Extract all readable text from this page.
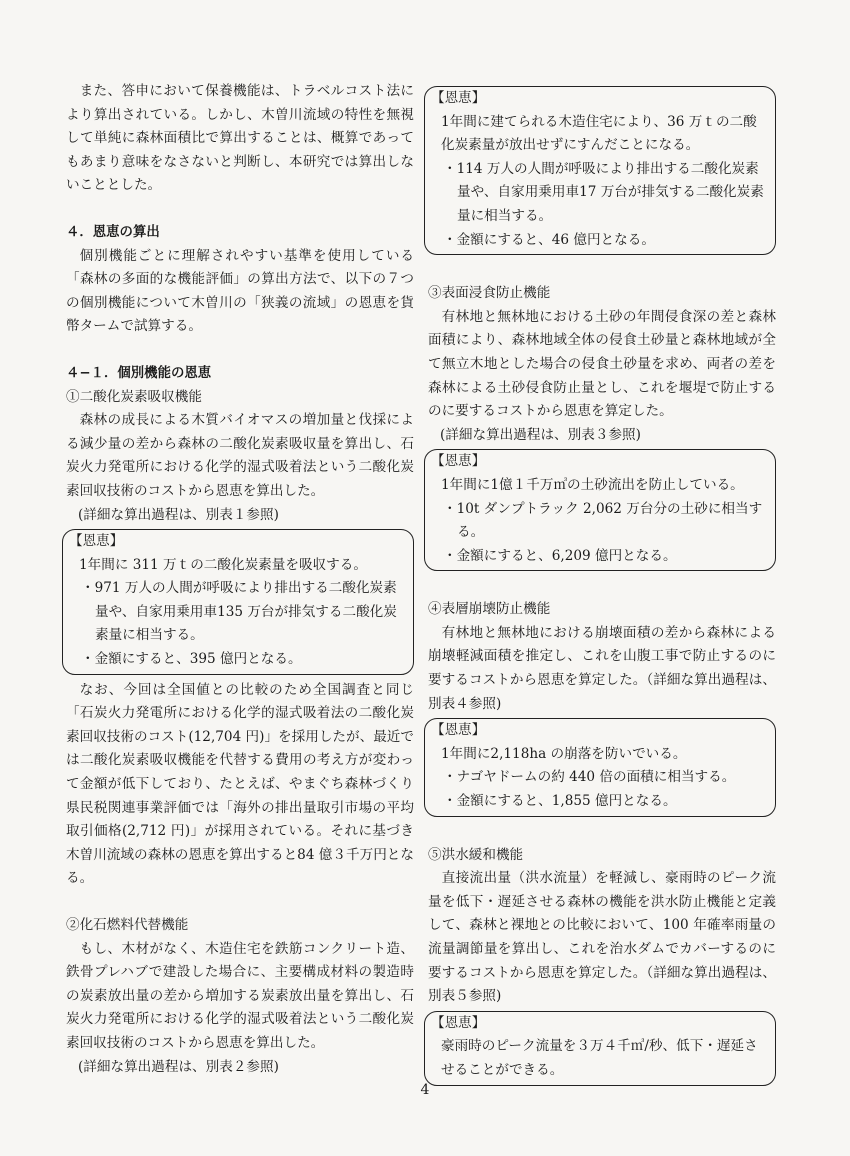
また、答申において保養機能は、トラベルコスト法により算出されている。しかし、木曽川流域の特性を無視して単純に森林面積比で算出することは、概算であってもあまり意味をなさないと判断し、本研究では算出しないこととした。

４．恩恵の算出

個別機能ごとに理解されやすい基準を使用している「森林の多面的な機能評価」の算出方法で、以下の７つの個別機能について木曽川の「狭義の流域」の恩恵を貨幣タームで試算する。

４−１．個別機能の恩恵

①二酸化炭素吸収機能

森林の成長による木質バイオマスの増加量と伐採による減少量の差から森林の二酸化炭素吸収量を算出し、石炭火力発電所における化学的湿式吸着法という二酸化炭素回収技術のコストから恩恵を算出した。

(詳細な算出過程は、別表１参照)

【恩恵】

1年間に 311 万ｔの二酸化炭素量を吸収する。

・971 万人の人間が呼吸により排出する二酸化炭素量や、自家用乗用車135 万台が排気する二酸化炭素量に相当する。

・金額にすると、395 億円となる。

なお、今回は全国値との比較のため全国調査と同じ「石炭火力発電所における化学的湿式吸着法の二酸化炭素回収技術のコスト(12,704 円)」を採用したが、最近では二酸化炭素吸収機能を代替する費用の考え方が変わって金額が低下しており、たとえば、やまぐち森林づくり県民税関連事業評価では「海外の排出量取引市場の平均取引価格(2,712 円)」が採用されている。それに基づき木曽川流域の森林の恩恵を算出すると84 億３千万円となる。

②化石燃料代替機能

もし、木材がなく、木造住宅を鉄筋コンクリート造、鉄骨プレハブで建設した場合に、主要構成材料の製造時の炭素放出量の差から増加する炭素放出量を算出し、石炭火力発電所における化学的湿式吸着法という二酸化炭素回収技術のコストから恩恵を算出した。

(詳細な算出過程は、別表２参照)

【恩恵】

1年間に建てられる木造住宅により、36 万ｔの二酸化炭素量が放出せずにすんだことになる。

・114 万人の人間が呼吸により排出する二酸化炭素量や、自家用乗用車17 万台が排気する二酸化炭素量に相当する。

・金額にすると、46 億円となる。

③表面浸食防止機能

有林地と無林地における土砂の年間侵食深の差と森林面積により、森林地域全体の侵食土砂量と森林地域が全て無立木地とした場合の侵食土砂量を求め、両者の差を森林による土砂侵食防止量とし、これを堰堤で防止するのに要するコストから恩恵を算定した。

(詳細な算出過程は、別表３参照)

【恩恵】

1年間に1億１千万㎥の土砂流出を防止している。

・10t ダンプトラック 2,062 万台分の土砂に相当する。

・金額にすると、6,209 億円となる。

④表層崩壊防止機能

有林地と無林地における崩壊面積の差から森林による崩壊軽減面積を推定し、これを山腹工事で防止するのに要するコストから恩恵を算定した。（詳細な算出過程は、別表４参照)

【恩恵】

1年間に2,118ha の崩落を防いでいる。

・ナゴヤドームの約 440 倍の面積に相当する。

・金額にすると、1,855 億円となる。

⑤洪水緩和機能

直接流出量（洪水流量）を軽減し、豪雨時のピーク流量を低下・遅延させる森林の機能を洪水防止機能と定義して、森林と裸地との比較において、100 年確率雨量の流量調節量を算出し、これを治水ダムでカバーするのに要するコストから恩恵を算定した。（詳細な算出過程は、別表５参照)

【恩恵】

豪雨時のピーク流量を３万４千㎥/秒、低下・遅延させることができる。

4
